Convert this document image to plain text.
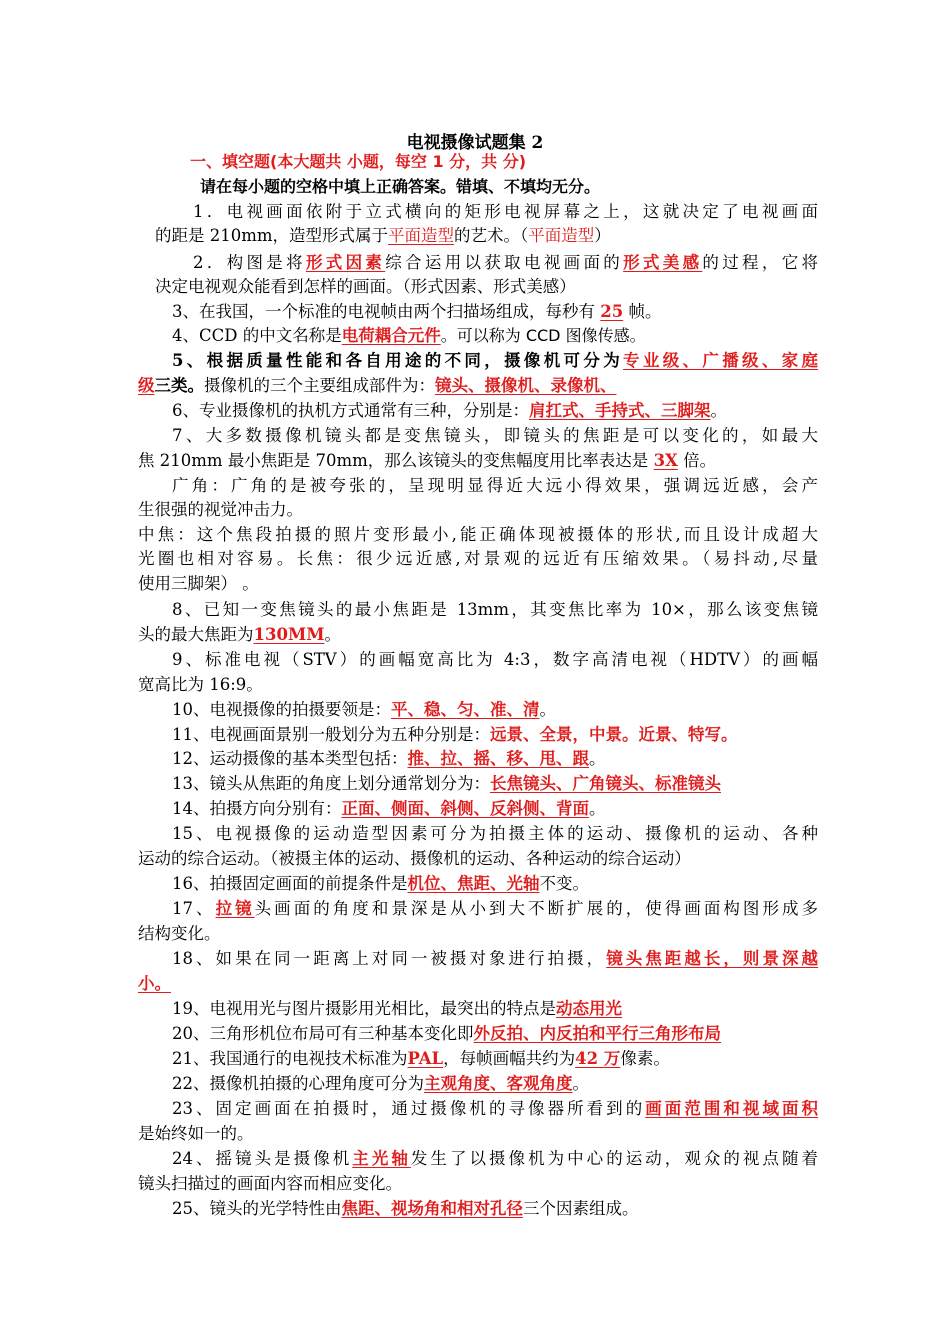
电视摄像试题集 2
一、填空题(本大题共 小题，每空 1 分，共 分)
请在每小题的空格中填上正确答案。错填、不填均无分。
1．电视画面依附于立式横向的矩形电视屏幕之上，这就决定了电视画面
的距是 210mm，造型形式属于平面造型的艺术。（平面造型）
2．构图是将形式因素综合运用以获取电视画面的形式美感的过程，它将
决定电视观众能看到怎样的画面。（形式因素、形式美感）
3、在我国，一个标准的电视帧由两个扫描场组成，每秒有 25 帧。
4、CCD 的中文名称是电荷耦合元件。可以称为 CCD 图像传感。
5、根据质量性能和各自用途的不同，摄像机可分为专业级、广播级、家庭
级三类。摄像机的三个主要组成部件为：镜头、摄像机、录像机、
6、专业摄像机的执机方式通常有三种，分别是：肩扛式、手持式、三脚架。
7、大多数摄像机镜头都是变焦镜头，即镜头的焦距是可以变化的，如最大
焦 210mm 最小焦距是 70mm，那么该镜头的变焦幅度用比率表达是 3X 倍。
广角：广角的是被夸张的，呈现明显得近大远小得效果，强调远近感，会产
生很强的视觉冲击力。
中焦：这个焦段拍摄的照片变形最小,能正确体现被摄体的形状,而且设计成超大
光圈也相对容易。长焦：很少远近感,对景观的远近有压缩效果。（易抖动,尽量
使用三脚架） 。
8、已知一变焦镜头的最小焦距是 13mm，其变焦比率为 10×，那么该变焦镜
头的最大焦距为130MM。
9、标准电视（STV）的画幅宽高比为 4:3，数字高清电视（HDTV）的画幅
宽高比为 16:9。
10、电视摄像的拍摄要领是：平、稳、匀、准、清。
11、电视画面景别一般划分为五种分别是：远景、全景，中景。近景、特写。
12、运动摄像的基本类型包括：推、拉、摇、移、甩、跟。
13、镜头从焦距的角度上划分通常划分为：长焦镜头、广角镜头、标准镜头
14、拍摄方向分别有：正面、侧面、斜侧、反斜侧、背面。
15、电视摄像的运动造型因素可分为拍摄主体的运动、摄像机的运动、各种
运动的综合运动。（被摄主体的运动、摄像机的运动、各种运动的综合运动）
16、拍摄固定画面的前提条件是机位、焦距、光轴不变。
17、拉镜头画面的角度和景深是从小到大不断扩展的，使得画面构图形成多
结构变化。
18、如果在同一距离上对同一被摄对象进行拍摄，镜头焦距越长，则景深越
小。
19、电视用光与图片摄影用光相比，最突出的特点是动态用光
20、三角形机位布局可有三种基本变化即外反拍、内反拍和平行三角形布局
21、我国通行的电视技术标准为PAL，每帧画幅共约为42 万像素。
22、摄像机拍摄的心理角度可分为主观角度、客观角度。
23、固定画面在拍摄时，通过摄像机的寻像器所看到的画面范围和视域面积
是始终如一的。
24、摇镜头是摄像机主光轴发生了以摄像机为中心的运动，观众的视点随着
镜头扫描过的画面内容而相应变化。
25、镜头的光学特性由焦距、视场角和相对孔径三个因素组成。
